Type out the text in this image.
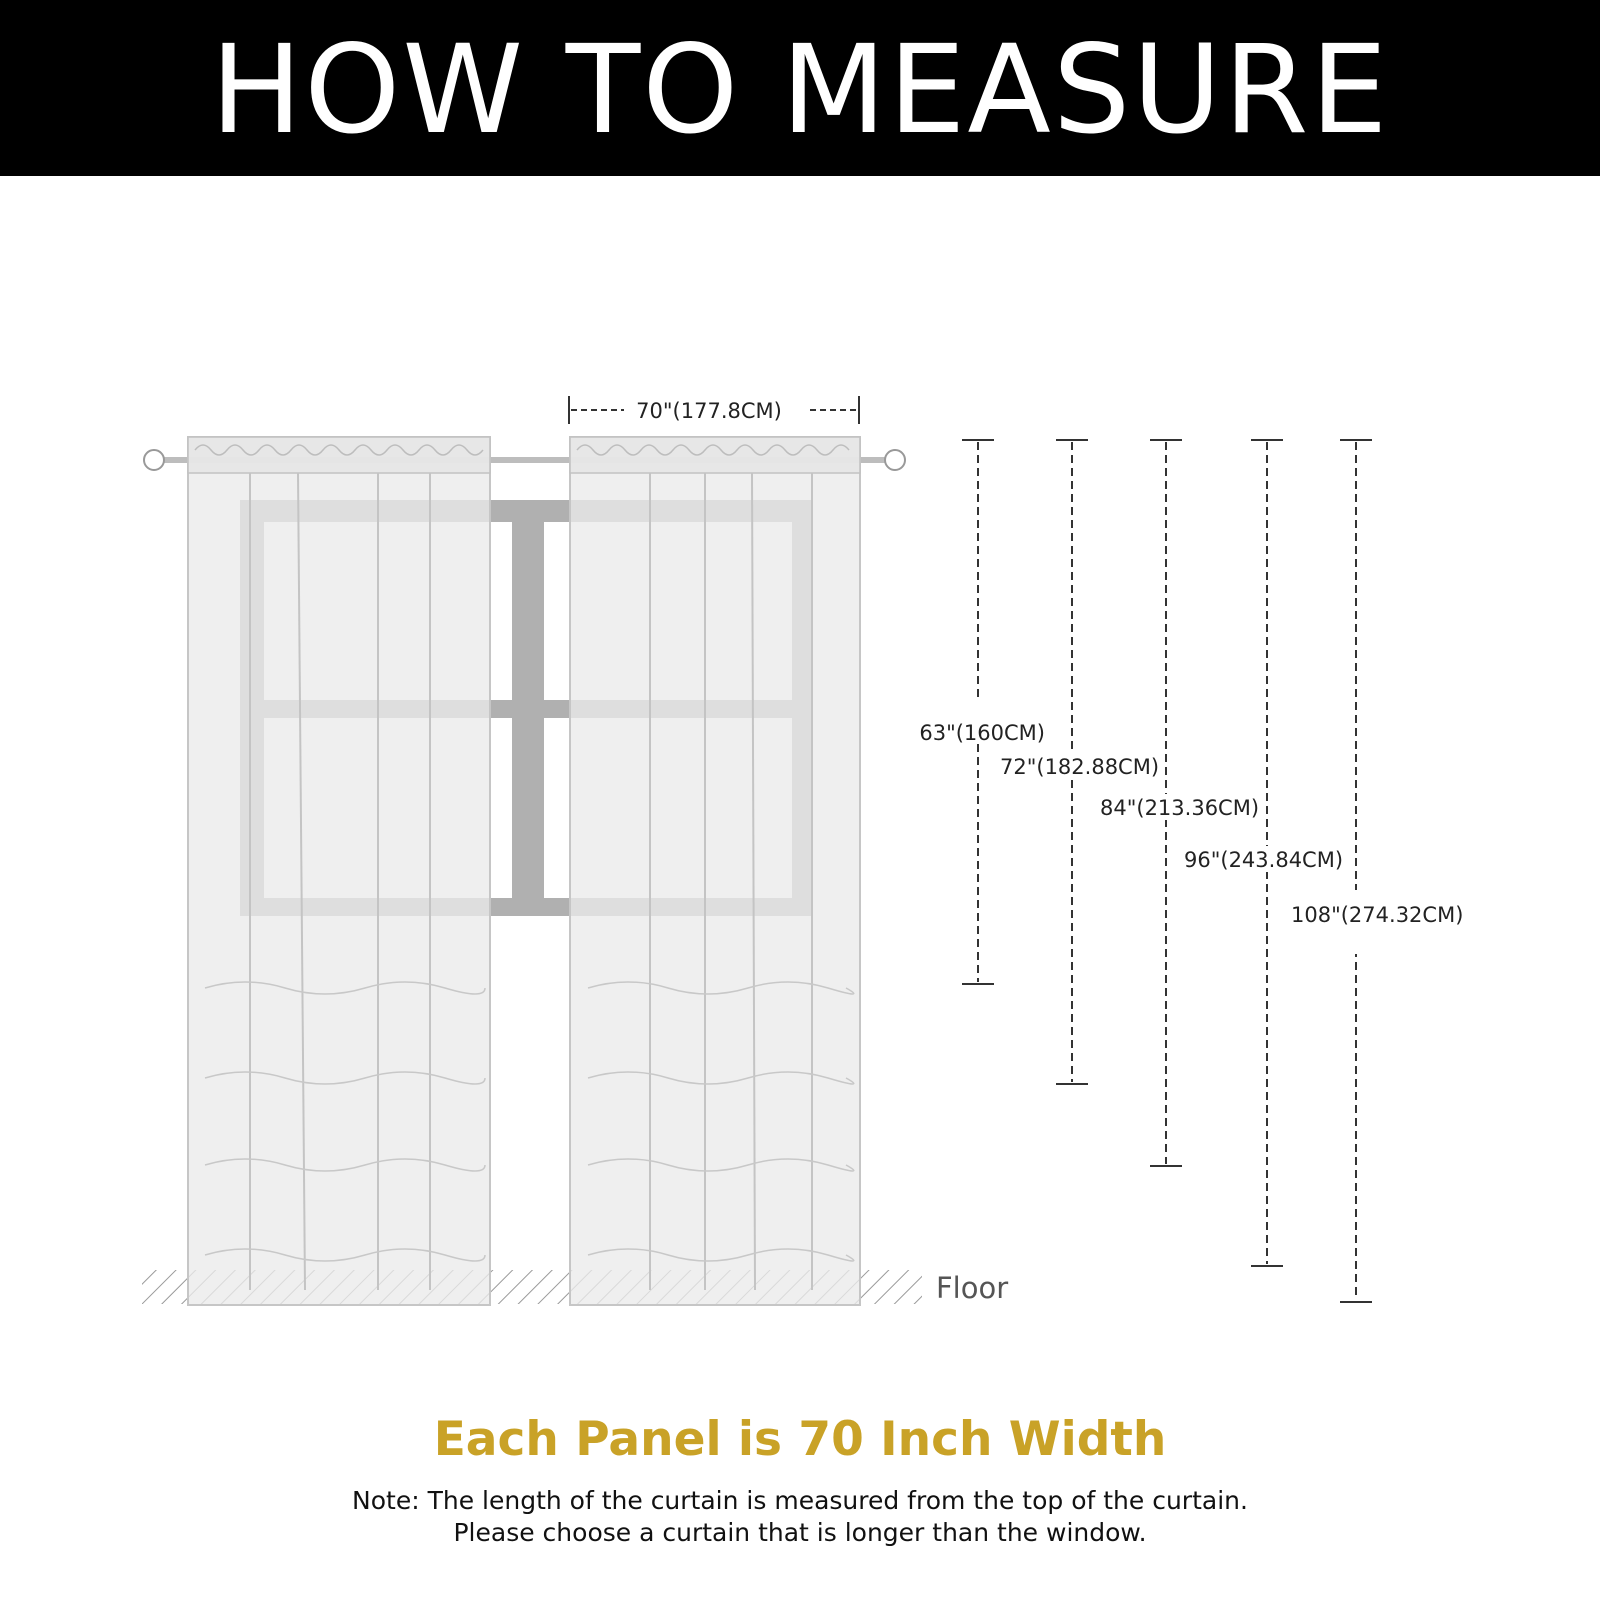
HOW TO MEASURE
70"(177.8CM)
63"(160CM)
72"(182.88CM)
84"(213.36CM)
96"(243.84CM)
108"(274.32CM)
Floor
Each Panel is 70 Inch Width
Note: The length of the curtain is measured from the top of the curtain.
Please choose a curtain that is longer than the window.
